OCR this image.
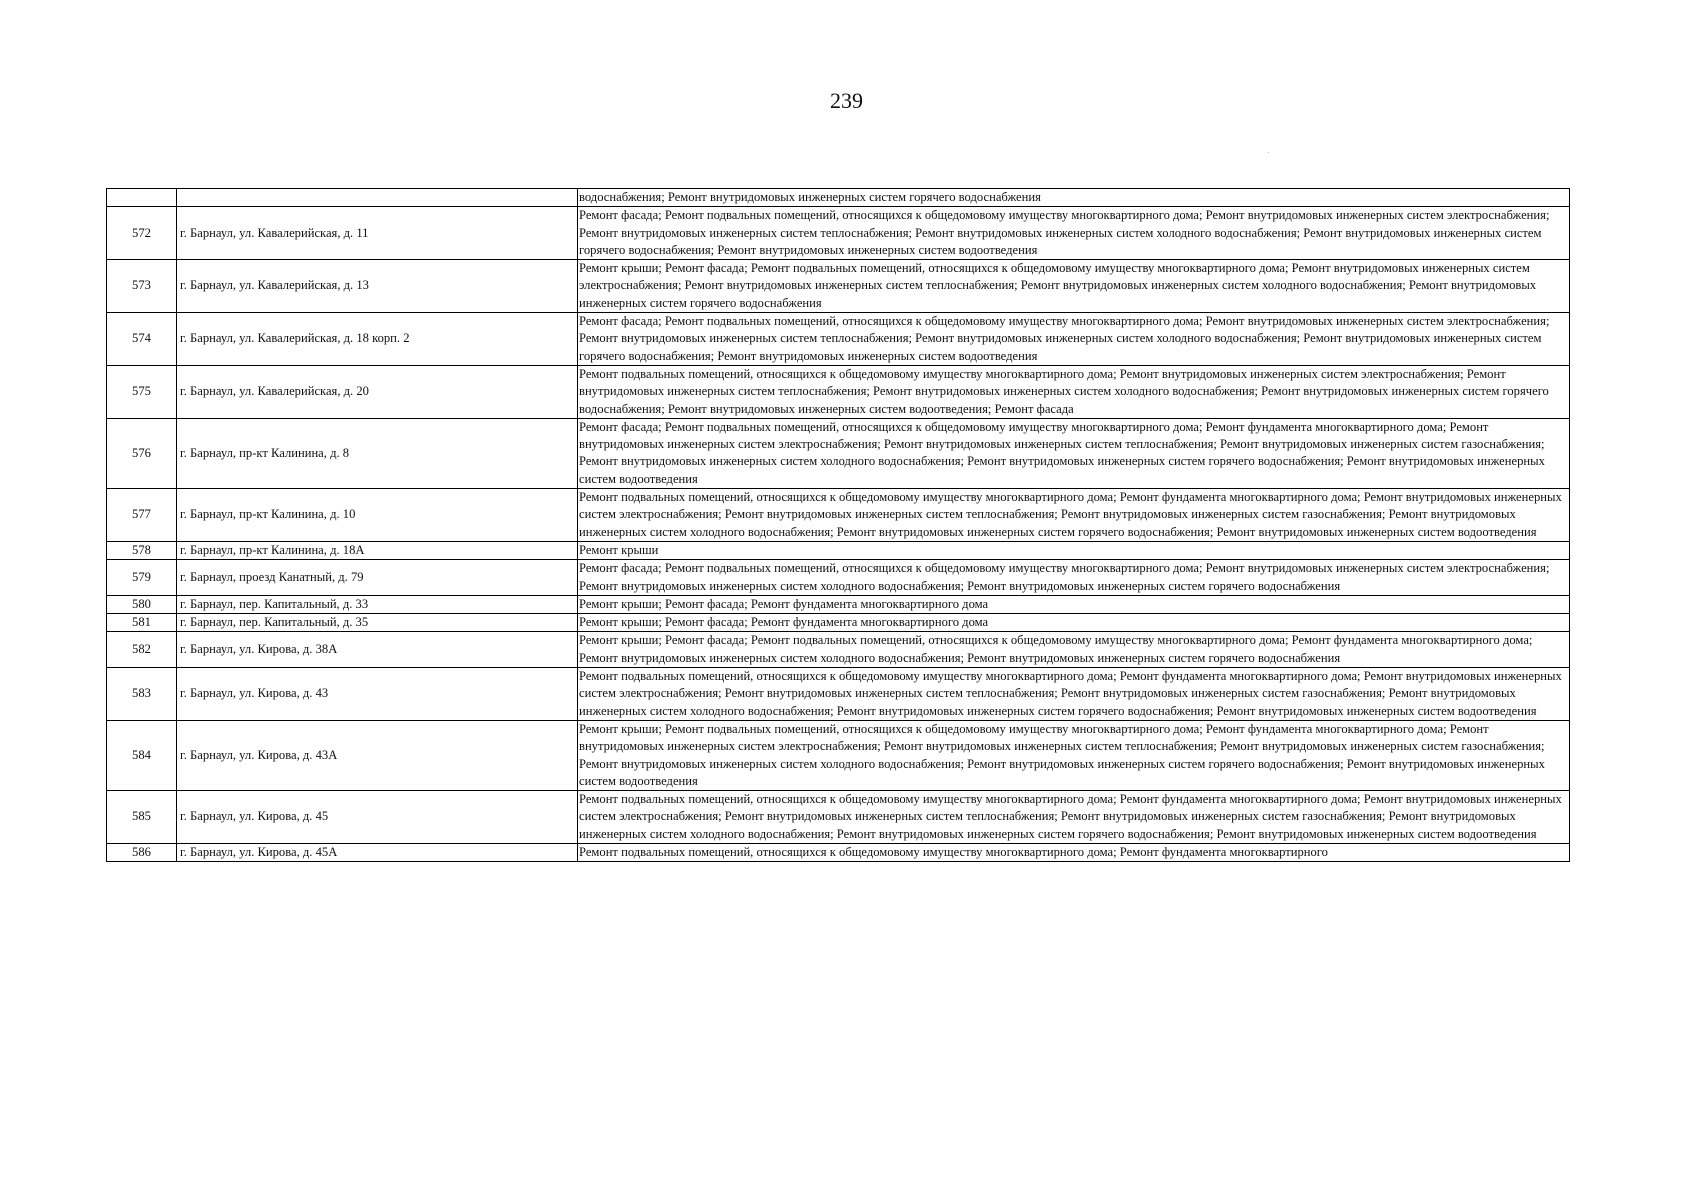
239
		водоснабжения; Ремонт внутридомовых инженерных систем горячего водоснабжения
572	г. Барнаул, ул. Кавалерийская, д. 11	Ремонт фасада; Ремонт подвальных помещений, относящихся к общедомовому имуществу многоквартирного дома; Ремонт внутридомовых инженерных систем электроснабжения; Ремонт внутридомовых инженерных систем теплоснабжения; Ремонт внутридомовых инженерных систем холодного водоснабжения; Ремонт внутридомовых инженерных систем горячего водоснабжения; Ремонт внутридомовых инженерных систем водоотведения
573	г. Барнаул, ул. Кавалерийская, д. 13	Ремонт крыши; Ремонт фасада; Ремонт подвальных помещений, относящихся к общедомовому имуществу многоквартирного дома; Ремонт внутридомовых инженерных систем электроснабжения; Ремонт внутридомовых инженерных систем теплоснабжения; Ремонт внутридомовых инженерных систем холодного водоснабжения; Ремонт внутридомовых инженерных систем горячего водоснабжения
574	г. Барнаул, ул. Кавалерийская, д. 18 корп. 2	Ремонт фасада; Ремонт подвальных помещений, относящихся к общедомовому имуществу многоквартирного дома; Ремонт внутридомовых инженерных систем электроснабжения; Ремонт внутридомовых инженерных систем теплоснабжения; Ремонт внутридомовых инженерных систем холодного водоснабжения; Ремонт внутридомовых инженерных систем горячего водоснабжения; Ремонт внутридомовых инженерных систем водоотведения
575	г. Барнаул, ул. Кавалерийская, д. 20	Ремонт подвальных помещений, относящихся к общедомовому имуществу многоквартирного дома; Ремонт внутридомовых инженерных систем электроснабжения; Ремонт внутридомовых инженерных систем теплоснабжения; Ремонт внутридомовых инженерных систем холодного водоснабжения; Ремонт внутридомовых инженерных систем горячего водоснабжения; Ремонт внутридомовых инженерных систем водоотведения; Ремонт фасада
576	г. Барнаул, пр-кт Калинина, д. 8	Ремонт фасада; Ремонт подвальных помещений, относящихся к общедомовому имуществу многоквартирного дома; Ремонт фундамента многоквартирного дома; Ремонт внутридомовых инженерных систем электроснабжения; Ремонт внутридомовых инженерных систем теплоснабжения; Ремонт внутридомовых инженерных систем газоснабжения; Ремонт внутридомовых инженерных систем холодного водоснабжения; Ремонт внутридомовых инженерных систем горячего водоснабжения; Ремонт внутридомовых инженерных систем водоотведения
577	г. Барнаул, пр-кт Калинина, д. 10	Ремонт подвальных помещений, относящихся к общедомовому имуществу многоквартирного дома; Ремонт фундамента многоквартирного дома; Ремонт внутридомовых инженерных систем электроснабжения; Ремонт внутридомовых инженерных систем теплоснабжения; Ремонт внутридомовых инженерных систем газоснабжения; Ремонт внутридомовых инженерных систем холодного водоснабжения; Ремонт внутридомовых инженерных систем горячего водоснабжения; Ремонт внутридомовых инженерных систем водоотведения
578	г. Барнаул, пр-кт Калинина, д. 18А	Ремонт крыши
579	г. Барнаул, проезд Канатный, д. 79	Ремонт фасада; Ремонт подвальных помещений, относящихся к общедомовому имуществу многоквартирного дома; Ремонт внутридомовых инженерных систем электроснабжения; Ремонт внутридомовых инженерных систем холодного водоснабжения; Ремонт внутридомовых инженерных систем горячего водоснабжения
580	г. Барнаул, пер. Капитальный, д. 33	Ремонт крыши; Ремонт фасада; Ремонт фундамента многоквартирного дома
581	г. Барнаул, пер. Капитальный, д. 35	Ремонт крыши; Ремонт фасада; Ремонт фундамента многоквартирного дома
582	г. Барнаул, ул. Кирова, д. 38А	Ремонт крыши; Ремонт фасада; Ремонт подвальных помещений, относящихся к общедомовому имуществу многоквартирного дома; Ремонт фундамента многоквартирного дома; Ремонт внутридомовых инженерных систем холодного водоснабжения; Ремонт внутридомовых инженерных систем горячего водоснабжения
583	г. Барнаул, ул. Кирова, д. 43	Ремонт подвальных помещений, относящихся к общедомовому имуществу многоквартирного дома; Ремонт фундамента многоквартирного дома; Ремонт внутридомовых инженерных систем электроснабжения; Ремонт внутридомовых инженерных систем теплоснабжения; Ремонт внутридомовых инженерных систем газоснабжения; Ремонт внутридомовых инженерных систем холодного водоснабжения; Ремонт внутридомовых инженерных систем горячего водоснабжения; Ремонт внутридомовых инженерных систем водоотведения
584	г. Барнаул, ул. Кирова, д. 43А	Ремонт крыши; Ремонт подвальных помещений, относящихся к общедомовому имуществу многоквартирного дома; Ремонт фундамента многоквартирного дома; Ремонт внутридомовых инженерных систем электроснабжения; Ремонт внутридомовых инженерных систем теплоснабжения; Ремонт внутридомовых инженерных систем газоснабжения; Ремонт внутридомовых инженерных систем холодного водоснабжения; Ремонт внутридомовых инженерных систем горячего водоснабжения; Ремонт внутридомовых инженерных систем водоотведения
585	г. Барнаул, ул. Кирова, д. 45	Ремонт подвальных помещений, относящихся к общедомовому имуществу многоквартирного дома; Ремонт фундамента многоквартирного дома; Ремонт внутридомовых инженерных систем электроснабжения; Ремонт внутридомовых инженерных систем теплоснабжения; Ремонт внутридомовых инженерных систем газоснабжения; Ремонт внутридомовых инженерных систем холодного водоснабжения; Ремонт внутридомовых инженерных систем горячего водоснабжения; Ремонт внутридомовых инженерных систем водоотведения
586	г. Барнаул, ул. Кирова, д. 45А	Ремонт подвальных помещений, относящихся к общедомовому имуществу многоквартирного дома; Ремонт фундамента многоквартирного
